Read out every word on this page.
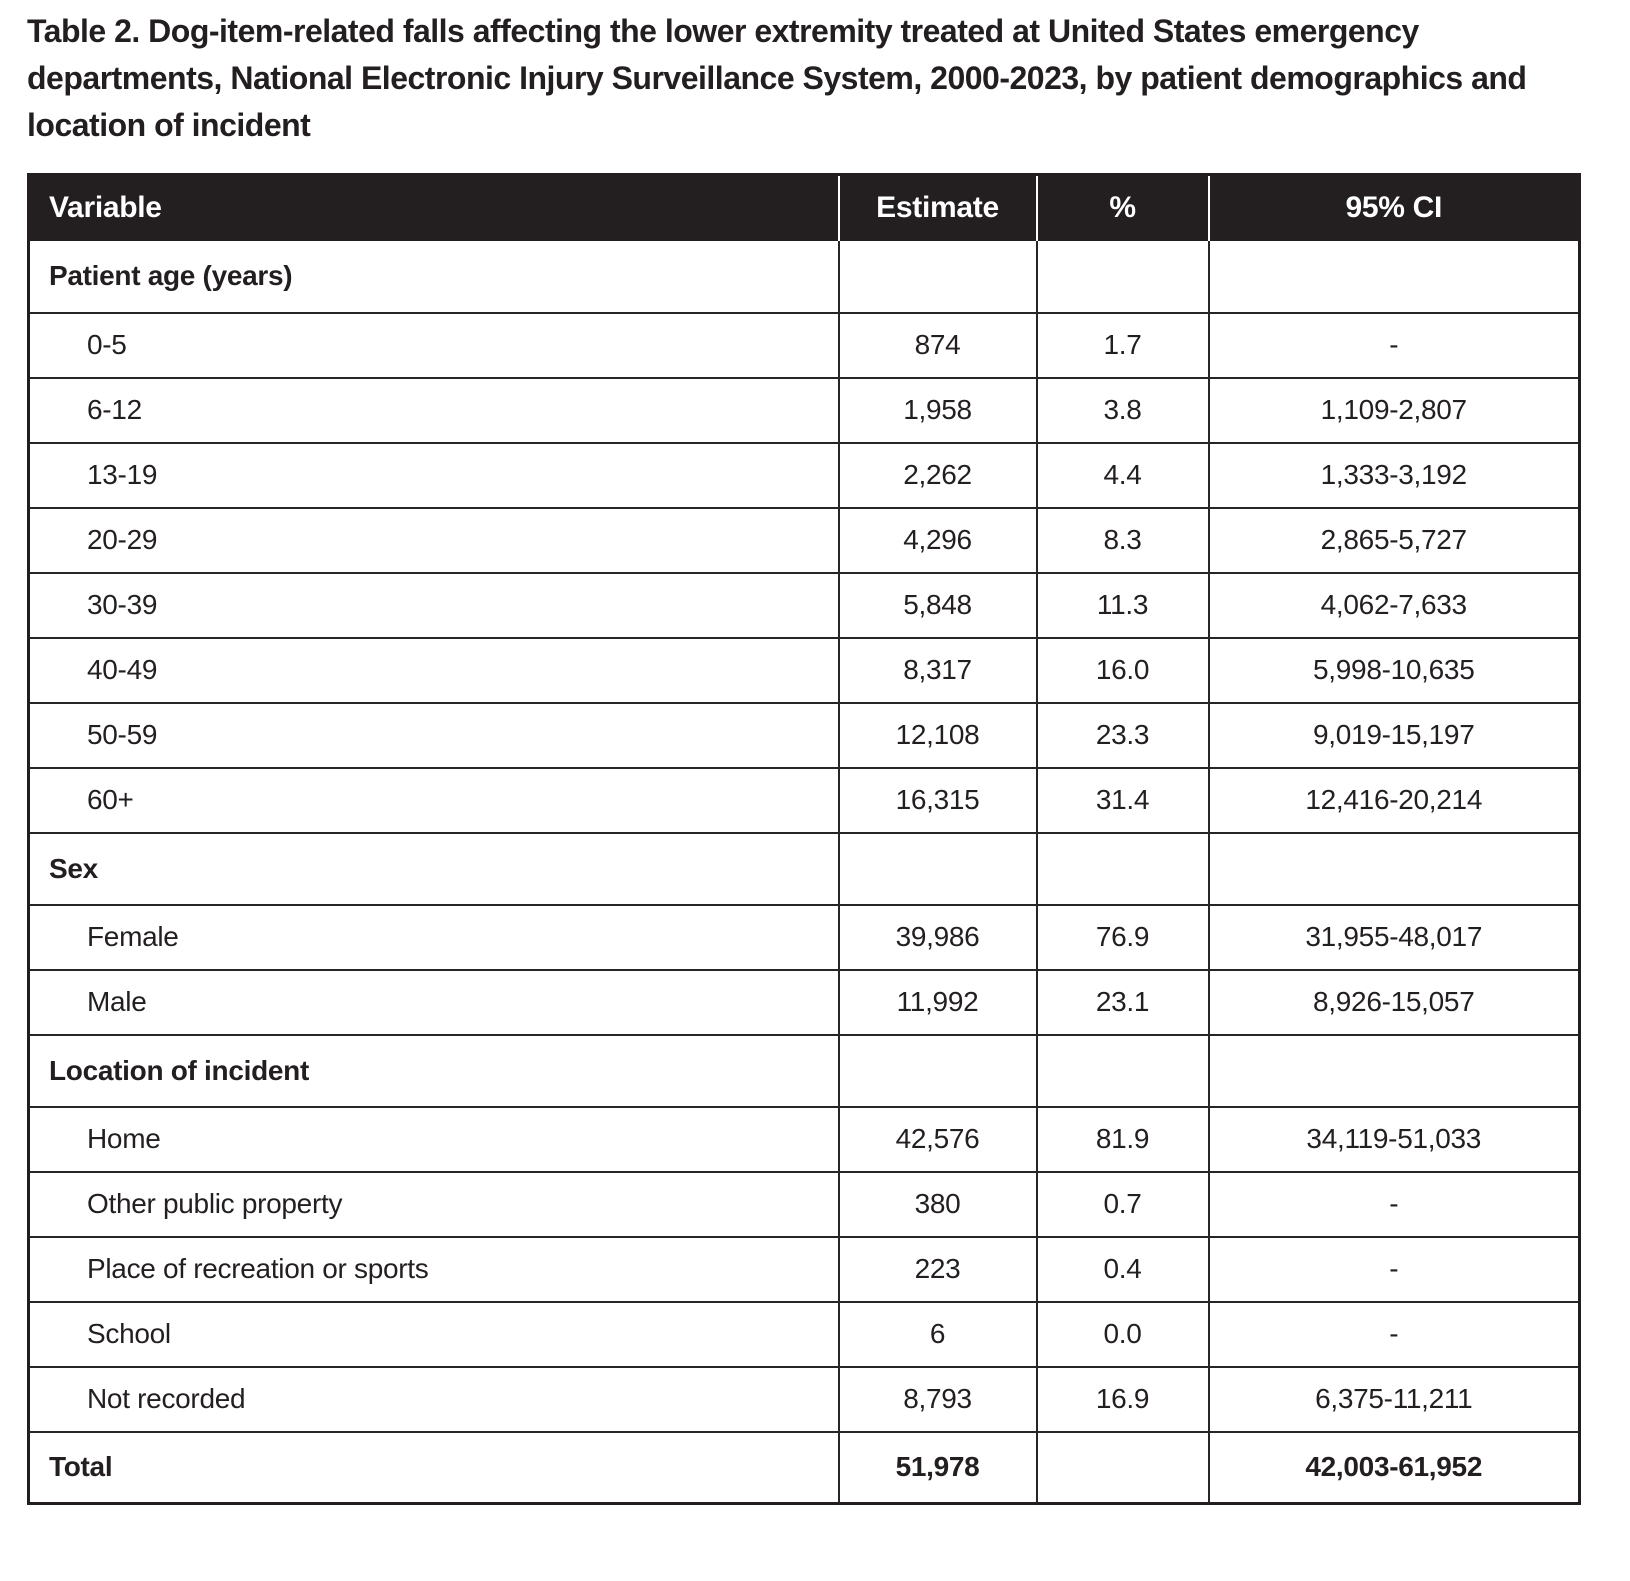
Table 2. Dog-item-related falls affecting the lower extremity treated at United States emergency departments, National Electronic Injury Surveillance System, 2000-2023, by patient demographics and location of incident
Variable	Estimate	%	95% CI
Patient age (years)			
0-5	874	1.7	-
6-12	1,958	3.8	1,109-2,807
13-19	2,262	4.4	1,333-3,192
20-29	4,296	8.3	2,865-5,727
30-39	5,848	11.3	4,062-7,633
40-49	8,317	16.0	5,998-10,635
50-59	12,108	23.3	9,019-15,197
60+	16,315	31.4	12,416-20,214
Sex			
Female	39,986	76.9	31,955-48,017
Male	11,992	23.1	8,926-15,057
Location of incident			
Home	42,576	81.9	34,119-51,033
Other public property	380	0.7	-
Place of recreation or sports	223	0.4	-
School	6	0.0	-
Not recorded	8,793	16.9	6,375-11,211
Total	51,978		42,003-61,952
